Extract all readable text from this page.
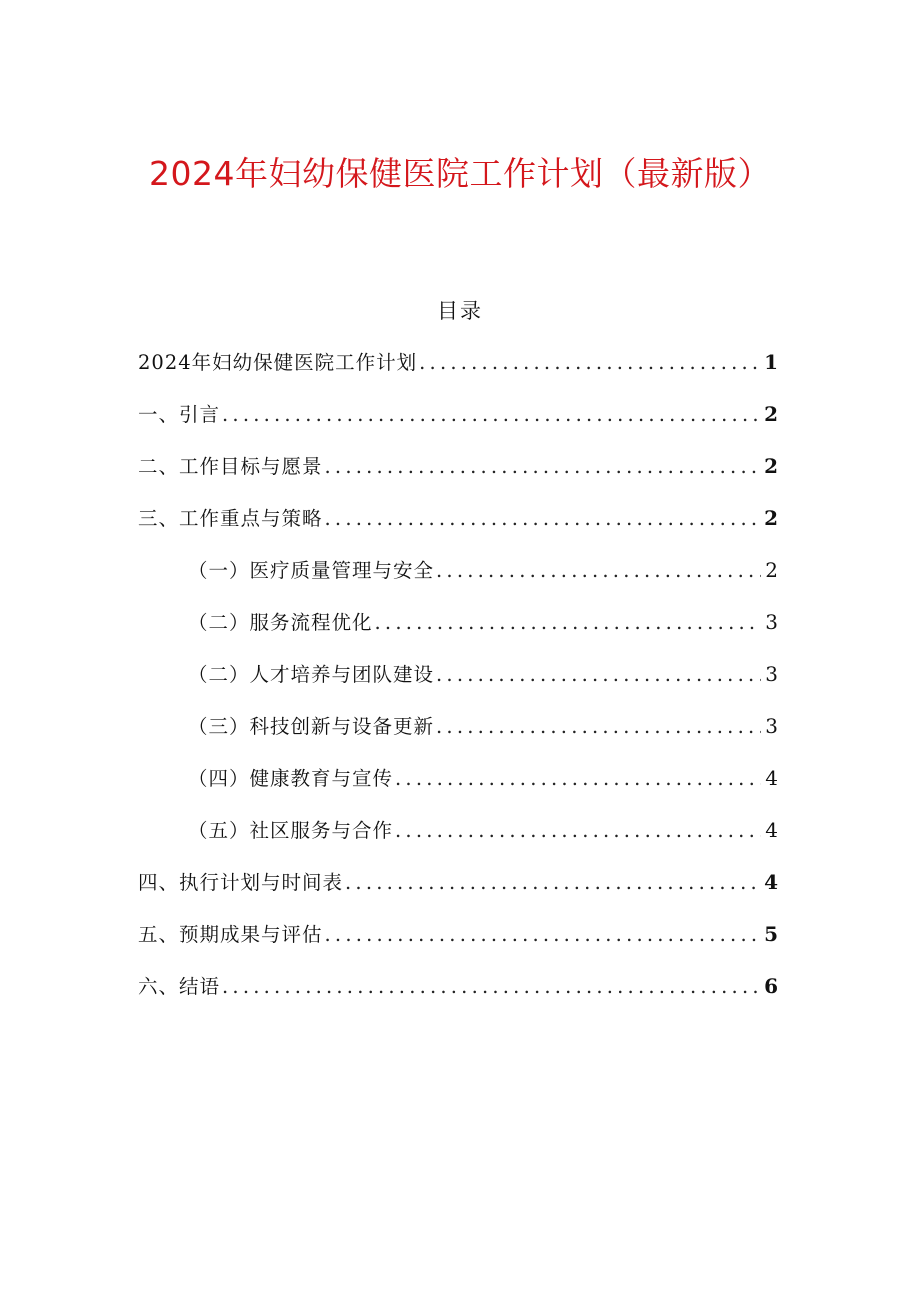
2024年妇幼保健医院工作计划（最新版）
目录
2024年妇幼保健医院工作计划 .....	1
一、引言 .....	2
二、工作目标与愿景 .....	2
三、工作重点与策略 .....	2
（一）医疗质量管理与安全 .....	2
（二）服务流程优化 .....	3
（二）人才培养与团队建设 .....	3
（三）科技创新与设备更新 .....	3
（四）健康教育与宣传 .....	4
（五）社区服务与合作 .....	4
四、执行计划与时间表 .....	4
五、预期成果与评估 .....	5
六、结语 .....	6
